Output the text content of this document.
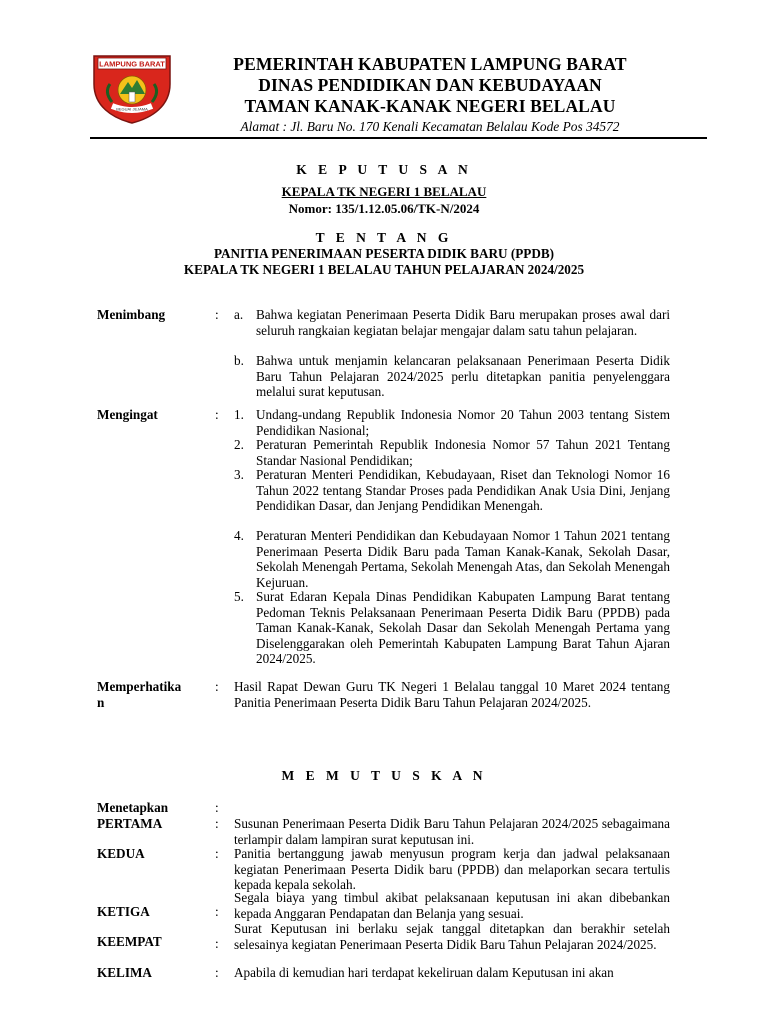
LAMPUNG BARAT
BEGUAI JEJAMA
PEMERINTAH KABUPATEN LAMPUNG BARAT
DINAS PENDIDIKAN DAN KEBUDAYAAN
TAMAN KANAK-KANAK NEGERI BELALAU
Alamat : Jl. Baru No. 170 Kenali Kecamatan Belalau Kode Pos 34572
K E P U T U S A N
KEPALA TK NEGERI 1 BELALAU
Nomor: 135/1.12.05.06/TK-N/2024
T E N T A N G
PANITIA PENERIMAAN PESERTA DIDIK BARU (PPDB)
KEPALA TK NEGERI 1 BELALAU TAHUN PELAJARAN 2024/2025
Menimbang	: a. Bahwa kegiatan Penerimaan Peserta Didik Baru merupakan proses awal dari seluruh rangkaian kegiatan belajar mengajar dalam satu tahun pelajaran.
b. Bahwa untuk menjamin kelancaran pelaksanaan Penerimaan Peserta Didik Baru Tahun Pelajaran 2024/2025 perlu ditetapkan panitia penyelenggara melalui surat keputusan.
Mengingat	: 1. Undang-undang Republik Indonesia Nomor 20 Tahun 2003 tentang Sistem Pendidikan Nasional;
2. Peraturan Pemerintah Republik Indonesia Nomor 57 Tahun 2021 Tentang Standar Nasional Pendidikan;
3. Peraturan Menteri Pendidikan, Kebudayaan, Riset dan Teknologi Nomor 16 Tahun 2022 tentang Standar Proses pada Pendidikan Anak Usia Dini, Jenjang Pendidikan Dasar, dan Jenjang Pendidikan Menengah.
4. Peraturan Menteri Pendidikan dan Kebudayaan Nomor 1 Tahun 2021 tentang Penerimaan Peserta Didik Baru pada Taman Kanak-Kanak, Sekolah Dasar, Sekolah Menengah Pertama, Sekolah Menengah Atas, dan Sekolah Menengah Kejuruan.
5. Surat Edaran Kepala Dinas Pendidikan Kabupaten Lampung Barat tentang Pedoman Teknis Pelaksanaan Penerimaan Peserta Didik Baru (PPDB) pada Taman Kanak-Kanak, Sekolah Dasar dan Sekolah Menengah Pertama yang Diselenggarakan oleh Pemerintah Kabupaten Lampung Barat Tahun Ajaran 2024/2025.
Memperhatika
n
: Hasil Rapat Dewan Guru TK Negeri 1 Belalau tanggal 10 Maret 2024 tentang Panitia Penerimaan Peserta Didik Baru Tahun Pelajaran 2024/2025.
M E M U T U S K A N
Menetapkan	:
PERTAMA	: Susunan Penerimaan Peserta Didik Baru Tahun Pelajaran 2024/2025 sebagaimana terlampir dalam lampiran surat keputusan ini.
KEDUA	: Panitia bertanggung jawab menyusun program kerja dan jadwal pelaksanaan kegiatan Penerimaan Peserta Didik baru (PPDB) dan melaporkan secara tertulis kepada kepala sekolah.
KETIGA	:
Segala biaya yang timbul akibat pelaksanaan keputusan ini akan dibebankan kepada Anggaran Pendapatan dan Belanja yang sesuai.
KEEMPAT	:
Surat Keputusan ini berlaku sejak tanggal ditetapkan dan berakhir setelah selesainya kegiatan Penerimaan Peserta Didik Baru Tahun Pelajaran 2024/2025.
KELIMA	: Apabila di kemudian hari terdapat kekeliruan dalam Keputusan ini akan
